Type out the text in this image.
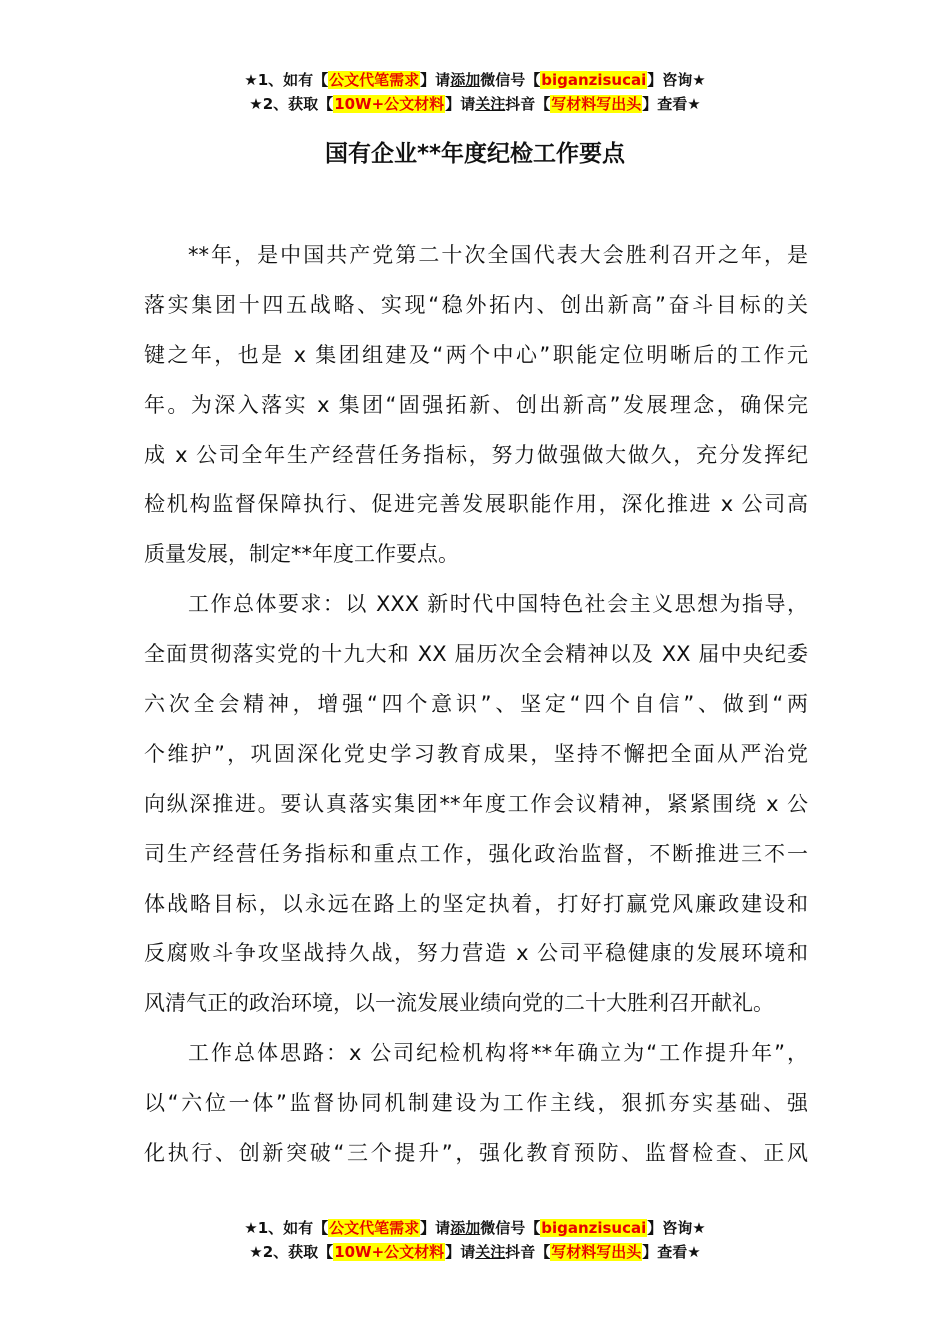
★1、如有【公文代笔需求】请添加微信号【biganzisucai】咨询★
★2、获取【10W+公文材料】请关注抖音【写材料写出头】查看★
国有企业**年度纪检工作要点
**年，是中国共产党第二十次全国代表大会胜利召开之年，是
落实集团十四五战略、实现“稳外拓内、创出新高”奋斗目标的关
键之年，也是 x 集团组建及“两个中心”职能定位明晰后的工作元
年。为深入落实 x 集团“固强拓新、创出新高”发展理念，确保完
成 x 公司全年生产经营任务指标，努力做强做大做久，充分发挥纪
检机构监督保障执行、促进完善发展职能作用，深化推进 x 公司高
质量发展，制定**年度工作要点。
工作总体要求：以 XXX 新时代中国特色社会主义思想为指导，
全面贯彻落实党的十九大和 XX 届历次全会精神以及 XX 届中央纪委
六次全会精神，增强“四个意识”、坚定“四个自信”、做到“两
个维护”，巩固深化党史学习教育成果，坚持不懈把全面从严治党
向纵深推进。要认真落实集团**年度工作会议精神，紧紧围绕 x 公
司生产经营任务指标和重点工作，强化政治监督，不断推进三不一
体战略目标，以永远在路上的坚定执着，打好打赢党风廉政建设和
反腐败斗争攻坚战持久战，努力营造 x 公司平稳健康的发展环境和
风清气正的政治环境，以一流发展业绩向党的二十大胜利召开献礼。
工作总体思路：x 公司纪检机构将**年确立为“工作提升年”，
以“六位一体”监督协同机制建设为工作主线，狠抓夯实基础、强
化执行、创新突破“三个提升”，强化教育预防、监督检查、正风
★1、如有【公文代笔需求】请添加微信号【biganzisucai】咨询★
★2、获取【10W+公文材料】请关注抖音【写材料写出头】查看★
